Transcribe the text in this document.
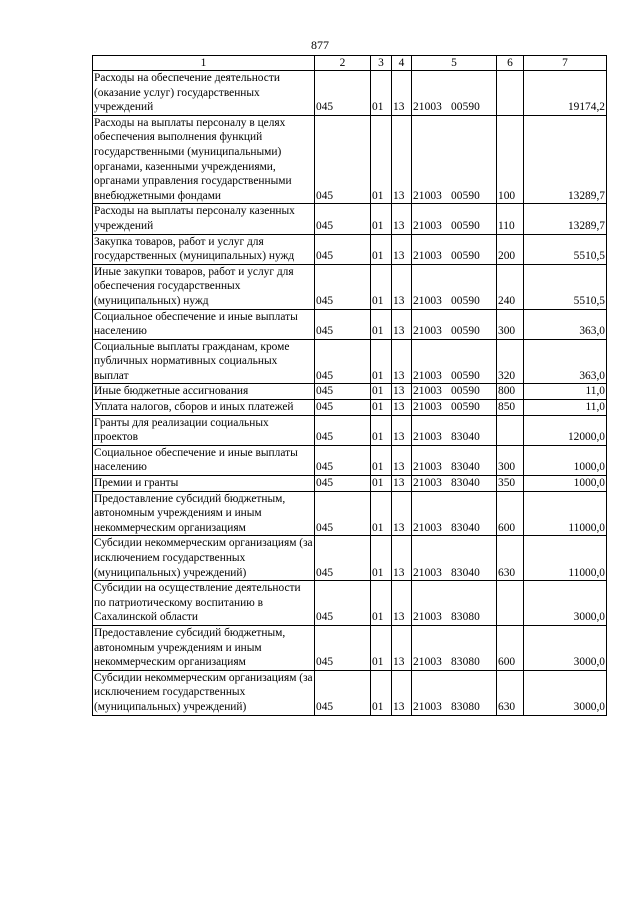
877
1	2	3	4	5	6	7
Расходы на обеспечение деятельности (оказание услуг) государственных учреждений	045	01	13	21003 00590		19174,2
Расходы на выплаты персоналу в целях обеспечения выполнения функций государственными (муниципальными) органами, казенными учреждениями, органами управления государственными внебюджетными фондами	045	01	13	21003 00590	100	13289,7
Расходы на выплаты персоналу казенных учреждений	045	01	13	21003 00590	110	13289,7
Закупка товаров, работ и услуг для государственных (муниципальных) нужд	045	01	13	21003 00590	200	5510,5
Иные закупки товаров, работ и услуг для обеспечения государственных (муниципальных) нужд	045	01	13	21003 00590	240	5510,5
Социальное обеспечение и иные выплаты населению	045	01	13	21003 00590	300	363,0
Социальные выплаты гражданам, кроме публичных нормативных социальных выплат	045	01	13	21003 00590	320	363,0
Иные бюджетные ассигнования	045	01	13	21003 00590	800	11,0
Уплата налогов, сборов и иных платежей	045	01	13	21003 00590	850	11,0
Гранты для реализации социальных проектов	045	01	13	21003 83040		12000,0
Социальное обеспечение и иные выплаты населению	045	01	13	21003 83040	300	1000,0
Премии и гранты	045	01	13	21003 83040	350	1000,0
Предоставление субсидий бюджетным, автономным учреждениям и иным некоммерческим организациям	045	01	13	21003 83040	600	11000,0
Субсидии некоммерческим организациям (за исключением государственных (муниципальных) учреждений)	045	01	13	21003 83040	630	11000,0
Субсидии на осуществление деятельности по патриотическому воспитанию в Сахалинской области	045	01	13	21003 83080		3000,0
Предоставление субсидий бюджетным, автономным учреждениям и иным некоммерческим организациям	045	01	13	21003 83080	600	3000,0
Субсидии некоммерческим организациям (за исключением государственных (муниципальных) учреждений)	045	01	13	21003 83080	630	3000,0
